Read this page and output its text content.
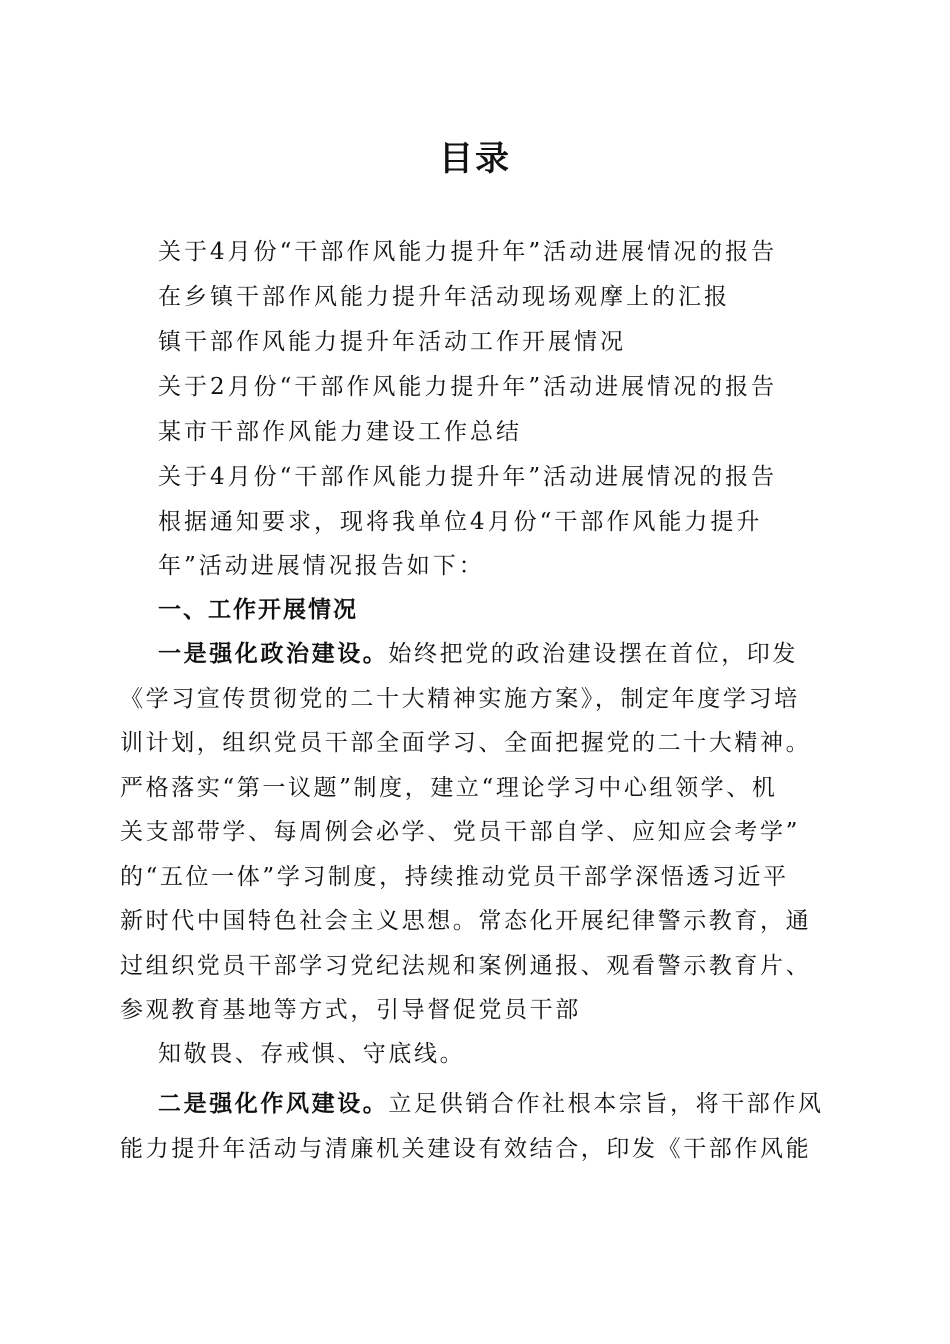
目录
关于4月份“干部作风能力提升年”活动进展情况的报告
在乡镇干部作风能力提升年活动现场观摩上的汇报
镇干部作风能力提升年活动工作开展情况
关于2月份“干部作风能力提升年”活动进展情况的报告
某市干部作风能力建设工作总结
关于4月份“干部作风能力提升年”活动进展情况的报告
根据通知要求，现将我单位4月份“干部作风能力提升
年”活动进展情况报告如下：
一、工作开展情况
一是强化政治建设。始终把党的政治建设摆在首位，印发
《学习宣传贯彻党的二十大精神实施方案》，制定年度学习培
训计划，组织党员干部全面学习、全面把握党的二十大精神。
严格落实“第一议题”制度，建立“理论学习中心组领学、机
关支部带学、每周例会必学、党员干部自学、应知应会考学”
的“五位一体”学习制度，持续推动党员干部学深悟透习近平
新时代中国特色社会主义思想。常态化开展纪律警示教育，通
过组织党员干部学习党纪法规和案例通报、观看警示教育片、
参观教育基地等方式，引导督促党员干部
知敬畏、存戒惧、守底线。
二是强化作风建设。立足供销合作社根本宗旨，将干部作风
能力提升年活动与清廉机关建设有效结合，印发《干部作风能
